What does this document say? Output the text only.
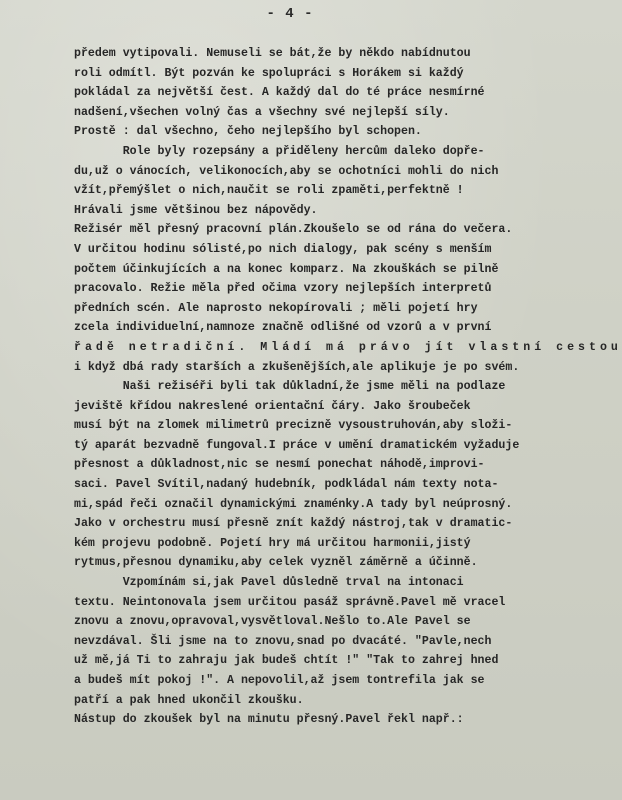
- 4 -
předem vytipovali. Nemuseli se bát,že by někdo nabídnutou
roli odmítl. Být pozván ke spolupráci s Horákem si každý
pokládal za největší čest. A každý dal do té práce nesmírné
nadšení,všechen volný čas a všechny své nejlepší síly.
Prostě : dal všechno, čeho nejlepšího byl schopen.
Role byly rozepsány a přiděleny hercům daleko dopře-
du,už o vánocích, velikonocích,aby se ochotníci mohli do nich
vžít,přemýšlet o nich,naučit se roli zpaměti,perfektně !
Hrávali jsme většinou bez nápovědy.
Režisér měl přesný pracovní plán.Zkoušelo se od rána do večera.
V určitou hodinu sólisté,po nich dialogy, pak scény s menším
počtem účinkujících a na konec komparz. Na zkouškách se pilně
pracovalo. Režie měla před očima vzory nejlepších interpretů
předních scén. Ale naprosto nekopírovali ; měli pojetí hry
zcela individuelní,namnoze značně odlišné od vzorů a v první
řadě netradiční. Mládí má právo jít vlastní cestou
i když dbá rady starších a zkušenějších,ale aplikuje je po svém.
Naši režiséři byli tak důkladní,že jsme měli na podlaze
jeviště křídou nakreslené orientační čáry. Jako šroubeček
musí být na zlomek milimetrů precizně vysoustruhován,aby složi-
tý aparát bezvadně fungoval.I práce v umění dramatickém vyžaduje
přesnost a důkladnost,nic se nesmí ponechat náhodě,improvi-
saci. Pavel Svítil,nadaný hudebník, podkládal nám texty nota-
mi,spád řeči označil dynamickými znaménky.A tady byl neúprosný.
Jako v orchestru musí přesně znít každý nástroj,tak v dramatic-
kém projevu podobně. Pojetí hry má určitou harmonii,jistý
rytmus,přesnou dynamiku,aby celek vyzněl záměrně a účinně.
Vzpomínám si,jak Pavel důsledně trval na intonaci
textu. Neintonovala jsem určitou pasáž správně.Pavel mě vracel
znovu a znovu,opravoval,vysvětloval.Nešlo to.Ale Pavel se
nevzdával. Šli jsme na to znovu,snad po dvacáté. "Pavle,nech
už mě,já Ti to zahraju jak budeš chtít !" "Tak to zahrej hned
a budeš mít pokoj !". A nepovolil,až jsem tontrefila jak se
patří a pak hned ukončil zkoušku.
Nástup do zkoušek byl na minutu přesný.Pavel řekl např.:
